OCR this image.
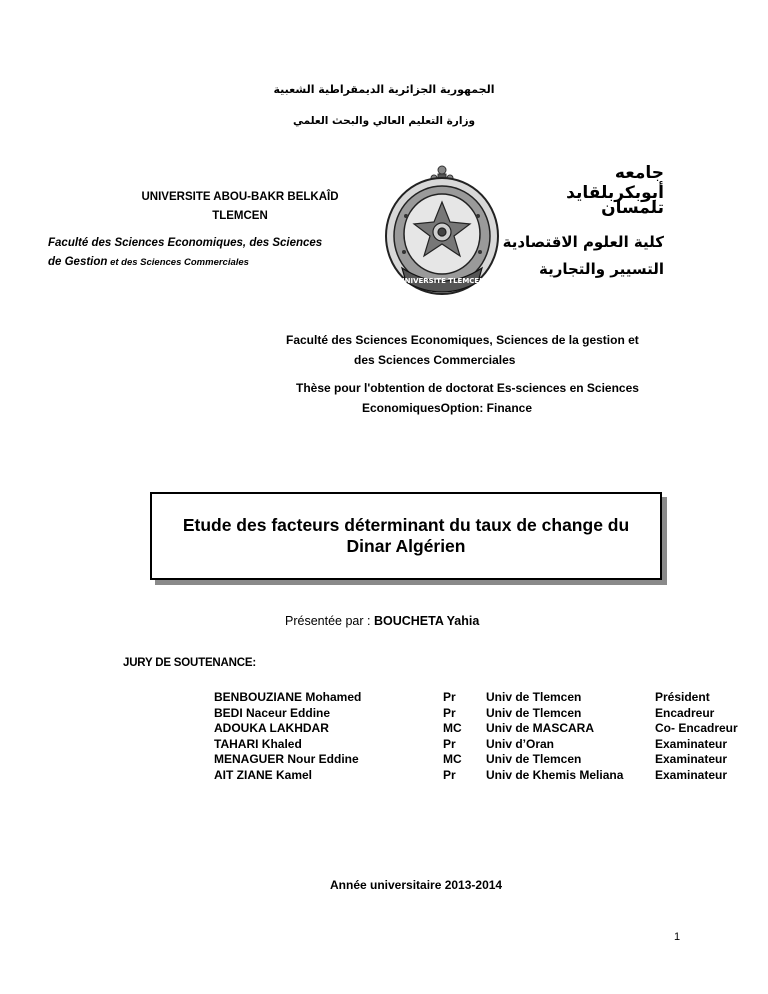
الجمهورية الجزائرية الديمقراطية الشعبية
وزارة التعليم العالي والبحث العلمي
UNIVERSITE ABOU-BAKR BELKAÎD
TLEMCEN
Faculté des Sciences Economiques, des Sciences
de Gestion et des Sciences Commerciales
UNIVERSITE TLEMCEN
جامعه
أبوبكربلقايد
تلمسان
كلية العلوم الاقتصادية
التسيير والتجارية
Faculté des Sciences Economiques, Sciences de la gestion et
des Sciences Commerciales
Thèse pour l'obtention de doctorat Es-sciences en Sciences
EconomiquesOption: Finance
Etude des facteurs déterminant du taux de change du
Dinar Algérien
Présentée par : BOUCHETA Yahia
JURY DE SOUTENANCE:
BENBOUZIANE Mohamed	Pr	Univ de Tlemcen	Président
BEDI Naceur Eddine	Pr	Univ de Tlemcen	Encadreur
ADOUKA LAKHDAR	MC	Univ de MASCARA	Co- Encadreur
TAHARI Khaled	Pr	Univ d’Oran	Examinateur
MENAGUER Nour Eddine	MC	Univ de Tlemcen	Examinateur
AIT ZIANE Kamel	Pr	Univ de Khemis Meliana	Examinateur
Année universitaire 2013-2014
1
